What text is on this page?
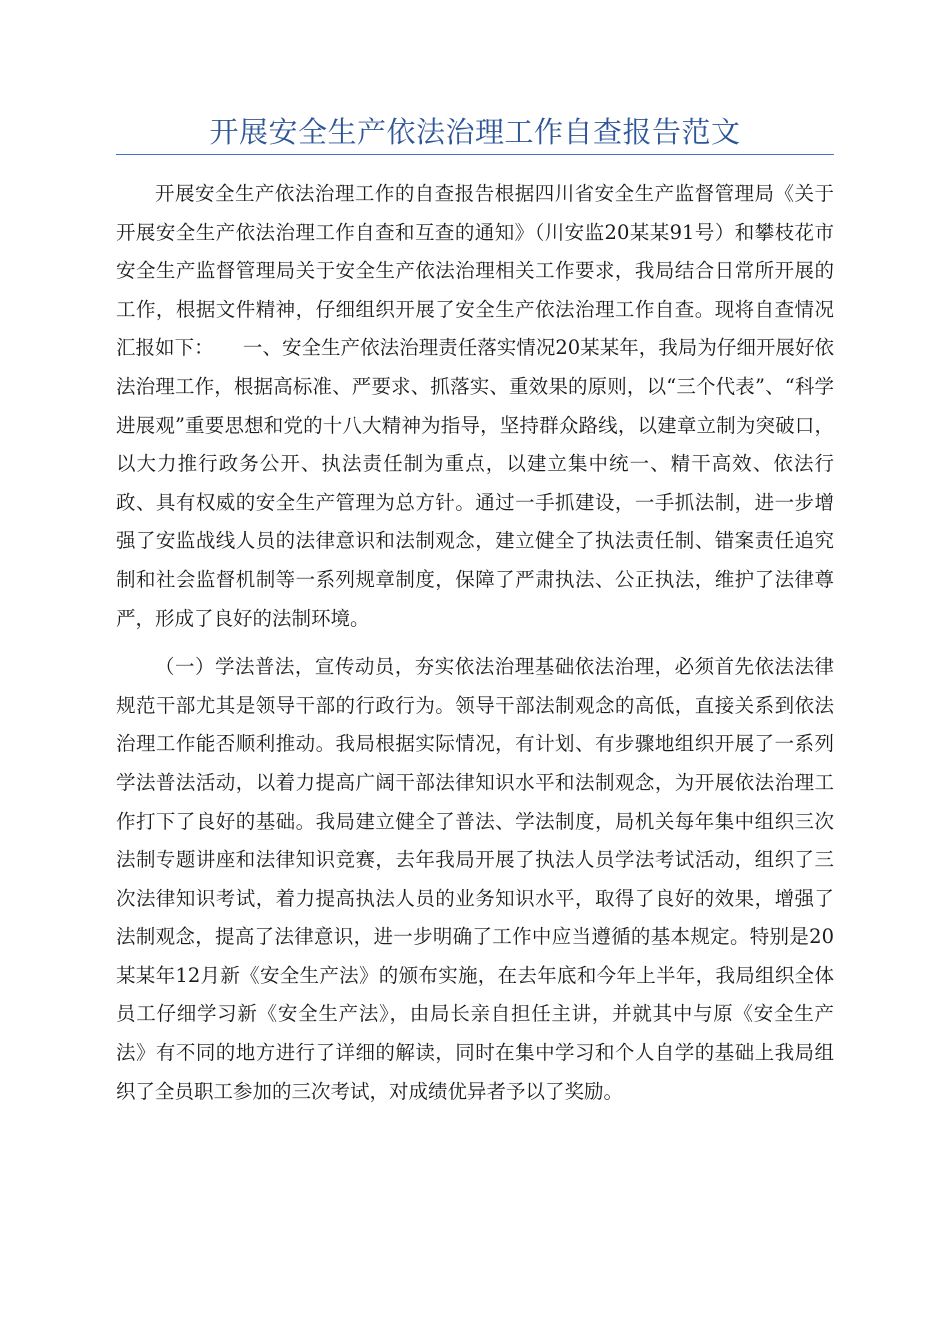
开展安全生产依法治理工作自查报告范文

开展安全生产依法治理工作的自查报告根据四川省安全生产监督管理局《关于开展安全生产依法治理工作自查和互查的通知》（川安监20某某91号）和攀枝花市安全生产监督管理局关于安全生产依法治理相关工作要求，我局结合日常所开展的工作，根据文件精神，仔细组织开展了安全生产依法治理工作自查。现将自查情况汇报如下：　　一、安全生产依法治理责任落实情况20某某年，我局为仔细开展好依法治理工作，根据高标准、严要求、抓落实、重效果的原则，以“三个代表”、“科学进展观”重要思想和党的十八大精神为指导，坚持群众路线，以建章立制为突破口，以大力推行政务公开、执法责任制为重点，以建立集中统一、精干高效、依法行政、具有权威的安全生产管理为总方针。通过一手抓建设，一手抓法制，进一步增强了安监战线人员的法律意识和法制观念，建立健全了执法责任制、错案责任追究制和社会监督机制等一系列规章制度，保障了严肃执法、公正执法，维护了法律尊严，形成了良好的法制环境。

（一）学法普法，宣传动员，夯实依法治理基础依法治理，必须首先依法法律规范干部尤其是领导干部的行政行为。领导干部法制观念的高低，直接关系到依法治理工作能否顺利推动。我局根据实际情况，有计划、有步骤地组织开展了一系列学法普法活动，以着力提高广阔干部法律知识水平和法制观念，为开展依法治理工作打下了良好的基础。我局建立健全了普法、学法制度，局机关每年集中组织三次法制专题讲座和法律知识竞赛，去年我局开展了执法人员学法考试活动，组织了三次法律知识考试，着力提高执法人员的业务知识水平，取得了良好的效果，增强了法制观念，提高了法律意识，进一步明确了工作中应当遵循的基本规定。特别是20某某年12月新《安全生产法》的颁布实施，在去年底和今年上半年，我局组织全体员工仔细学习新《安全生产法》，由局长亲自担任主讲，并就其中与原《安全生产法》有不同的地方进行了详细的解读，同时在集中学习和个人自学的基础上我局组织了全员职工参加的三次考试，对成绩优异者予以了奖励。
